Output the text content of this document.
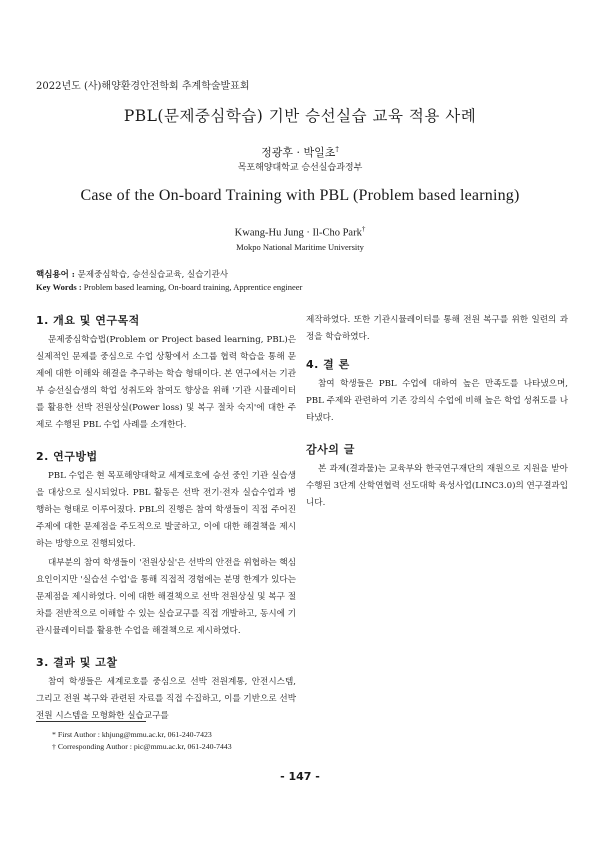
2022년도 (사)해양환경안전학회 추계학술발표회
PBL(문제중심학습) 기반 승선실습 교육 적용 사례
정광후 · 박일초†
목포해양대학교 승선실습과정부
Case of the On-board Training with PBL (Problem based learning)
Kwang-Hu Jung · Il-Cho Park†
Mokpo National Maritime University
핵심용어 : 문제중심학습, 승선실습교육, 실습기관사
Key Words : Problem based learning, On-board training, Apprentice engineer
1. 개요 및 연구목적

문제중심학습법(Problem or Project based learning, PBL)은 실제적인 문제를 중심으로 수업 상황에서 소그룹 협력 학습을 통해 문제에 대한 이해와 해결을 추구하는 학습 형태이다. 본 연구에서는 기관부 승선실습생의 학업 성취도와 참여도 향상을 위해 '기관 시뮬레이터를 활용한 선박 전원상실(Power loss) 및 복구 절차 숙지'에 대한 주제로 수행된 PBL 수업 사례를 소개한다.

2. 연구방법

PBL 수업은 현 목포해양대학교 세계로호에 승선 중인 기관 실습생을 대상으로 실시되었다. PBL 활동은 선박 전기·전자 실습수업과 병행하는 형태로 이루어졌다. PBL의 진행은 참여 학생들이 직접 주어진 주제에 대한 문제점을 주도적으로 발굴하고, 이에 대한 해결책을 제시하는 방향으로 진행되었다.

대부분의 참여 학생들이 '전원상실'은 선박의 안전을 위협하는 핵심 요인이지만 '실습선 수업'을 통해 직접적 경험에는 분명 한계가 있다는 문제점을 제시하였다. 이에 대한 해결책으로 선박 전원상실 및 복구 절차를 전반적으로 이해할 수 있는 실습교구를 직접 개발하고, 동시에 기관시뮬레이터를 활용한 수업을 해결책으로 제시하였다.

3. 결과 및 고찰

참여 학생들은 세계로호를 중심으로 선박 전원계통, 안전시스템, 그리고 전원 복구와 관련된 자료를 직접 수집하고, 이를 기반으로 선박 전원 시스템을 모형화한 실습교구를

제작하였다. 또한 기관시뮬레이터를 통해 전원 복구를 위한 일련의 과정을 학습하였다.

4. 결 론

참여 학생들은 PBL 수업에 대하여 높은 만족도를 나타냈으며, PBL 주제와 관련하여 기존 강의식 수업에 비해 높은 학업 성취도를 나타냈다.

감사의 글

본 과제(결과물)는 교육부와 한국연구재단의 재원으로 지원을 받아 수행된 3단계 산학연협력 선도대학 육성사업(LINC3.0)의 연구결과입니다.

* First Author : khjung@mmu.ac.kr, 061-240-7423
† Corresponding Author : pic@mmu.ac.kr, 061-240-7443
- 147 -
